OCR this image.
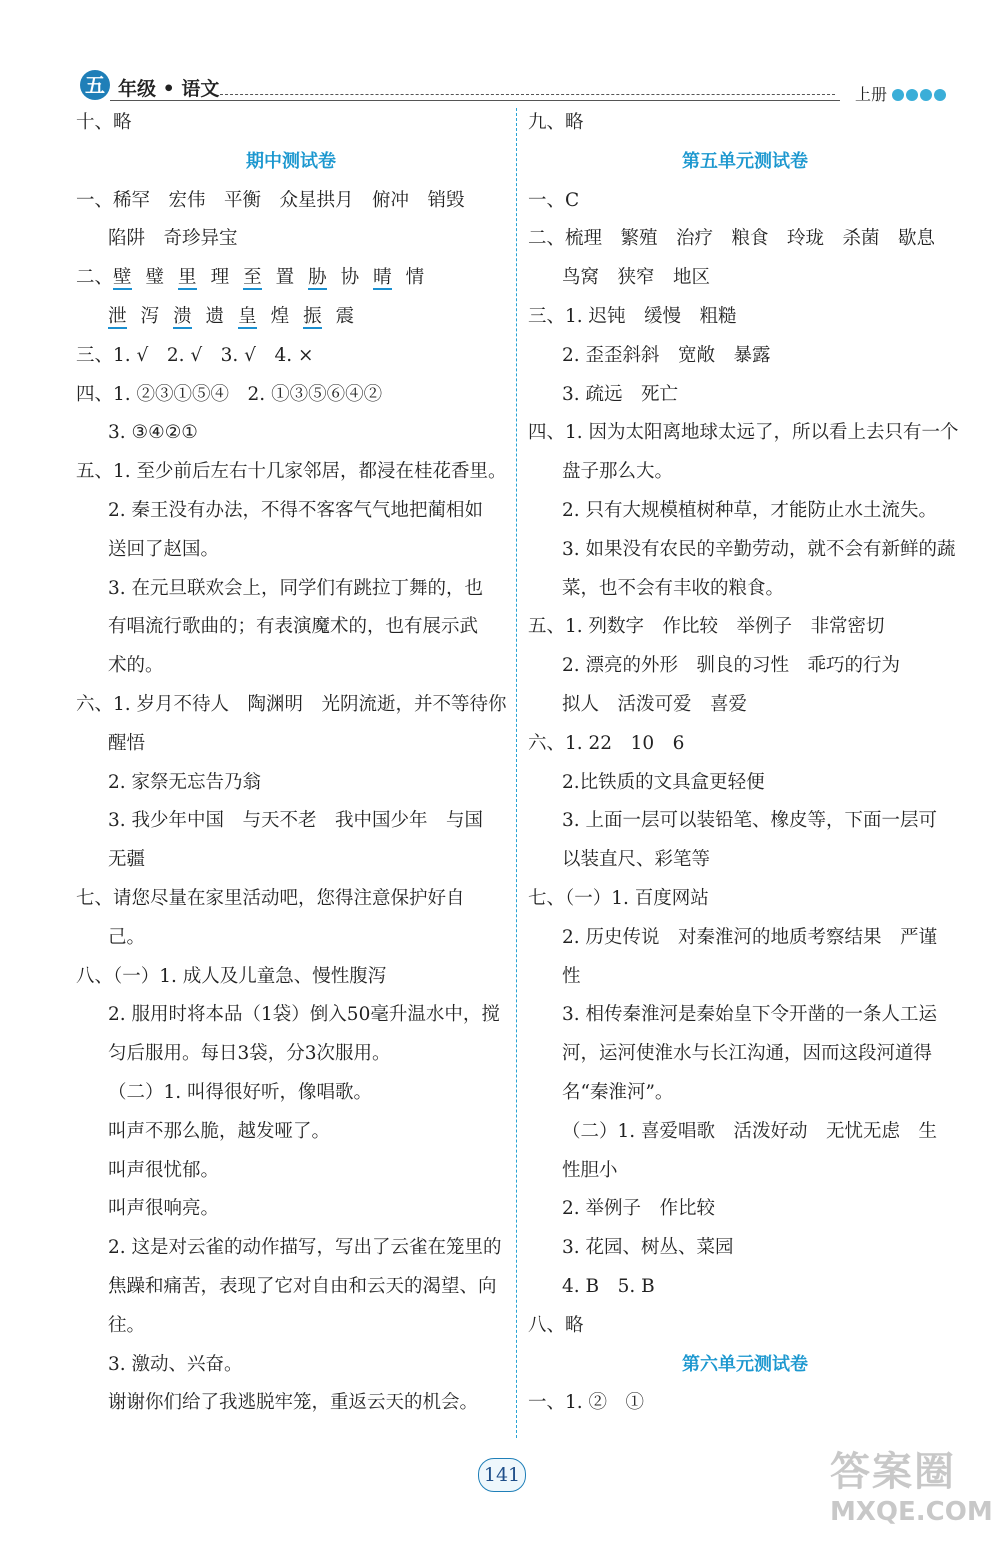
五 年级 • 语文	上册
十、略
期中测试卷
一、稀罕　宏伟　平衡　众星拱月　俯冲　销毁
陷阱　奇珍异宝
二、壁 璧 里 理 至 置 胁 协 晴 情
泄 泻 溃 遗 皇 煌 振 震
三、1. √　2. √　3. √　4. ×
四、1. ②③①⑤④　2. ①③⑤⑥④②
3. ③④②①
五、1. 至少前后左右十几家邻居，都浸在桂花香里。
2. 秦王没有办法，不得不客客气气地把蔺相如
送回了赵国。
3. 在元旦联欢会上，同学们有跳拉丁舞的，也
有唱流行歌曲的；有表演魔术的，也有展示武
术的。
六、1. 岁月不待人　陶渊明　光阴流逝，并不等待你
醒悟
2. 家祭无忘告乃翁
3. 我少年中国　与天不老　我中国少年　与国
无疆
七、请您尽量在家里活动吧，您得注意保护好自
己。
八、（一）1. 成人及儿童急、慢性腹泻
2. 服用时将本品（1袋）倒入50毫升温水中，搅
匀后服用。每日3袋，分3次服用。
（二）1. 叫得很好听，像唱歌。
叫声不那么脆，越发哑了。
叫声很忧郁。
叫声很响亮。
2. 这是对云雀的动作描写，写出了云雀在笼里的
焦躁和痛苦，表现了它对自由和云天的渴望、向
往。
3. 激动、兴奋。
谢谢你们给了我逃脱牢笼，重返云天的机会。
九、略
第五单元测试卷
一、C
二、梳理　繁殖　治疗　粮食　玲珑　杀菌　歇息
鸟窝　狭窄　地区
三、1. 迟钝　缓慢　粗糙
2. 歪歪斜斜　宽敞　暴露
3. 疏远　死亡
四、1. 因为太阳离地球太远了，所以看上去只有一个
盘子那么大。
2. 只有大规模植树种草，才能防止水土流失。
3. 如果没有农民的辛勤劳动，就不会有新鲜的蔬
菜，也不会有丰收的粮食。
五、1. 列数字　作比较　举例子　非常密切
2. 漂亮的外形　驯良的习性　乖巧的行为
拟人　活泼可爱　喜爱
六、1. 22　10　6
2.比铁质的文具盒更轻便
3. 上面一层可以装铅笔、橡皮等，下面一层可
以装直尺、彩笔等
七、（一）1. 百度网站
2. 历史传说　对秦淮河的地质考察结果　严谨
性
3. 相传秦淮河是秦始皇下令开凿的一条人工运
河，运河使淮水与长江沟通，因而这段河道得
名“秦淮河”。
（二）1. 喜爱唱歌　活泼好动　无忧无虑　生
性胆小
2. 举例子　作比较
3. 花园、树丛、菜园
4. B　5. B
八、略
第六单元测试卷
一、1. ②　①
141	答案圈
MXQE.COM
